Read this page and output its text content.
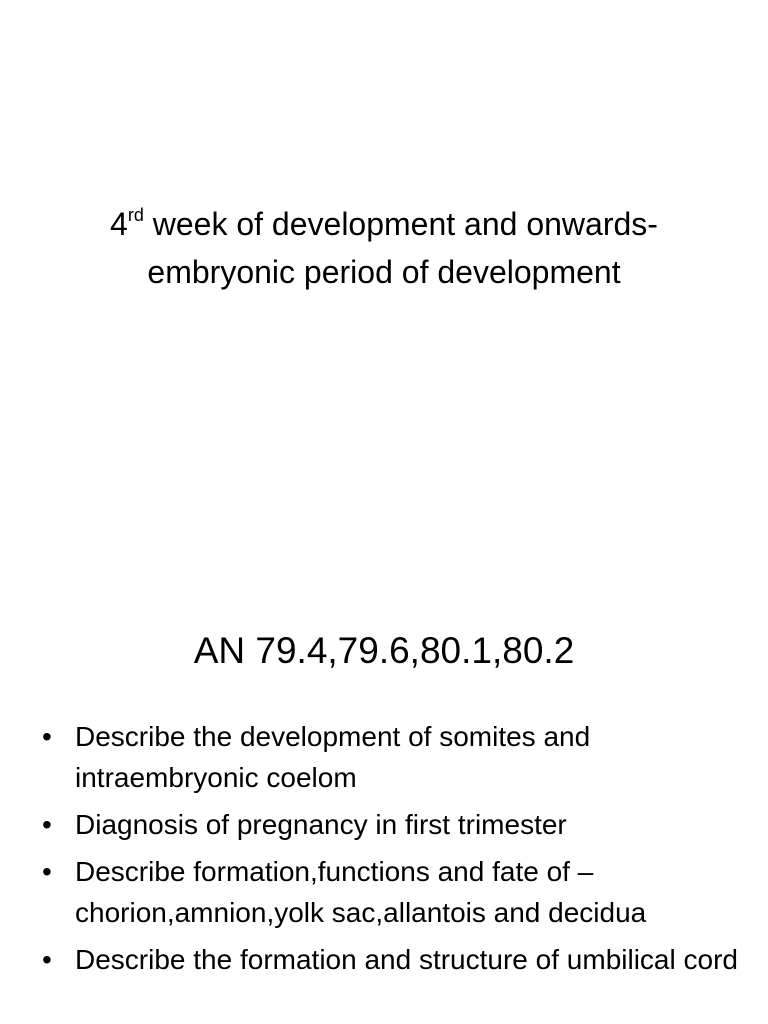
4rd week of development and onwards-
embryonic period of development
AN 79.4,79.6,80.1,80.2
• Describe the development of somites and intraembryonic coelom
• Diagnosis of pregnancy in first trimester
• Describe formation,functions and fate of –chorion,amnion,yolk sac,allantois and decidua
• Describe the formation and structure of umbilical cord
